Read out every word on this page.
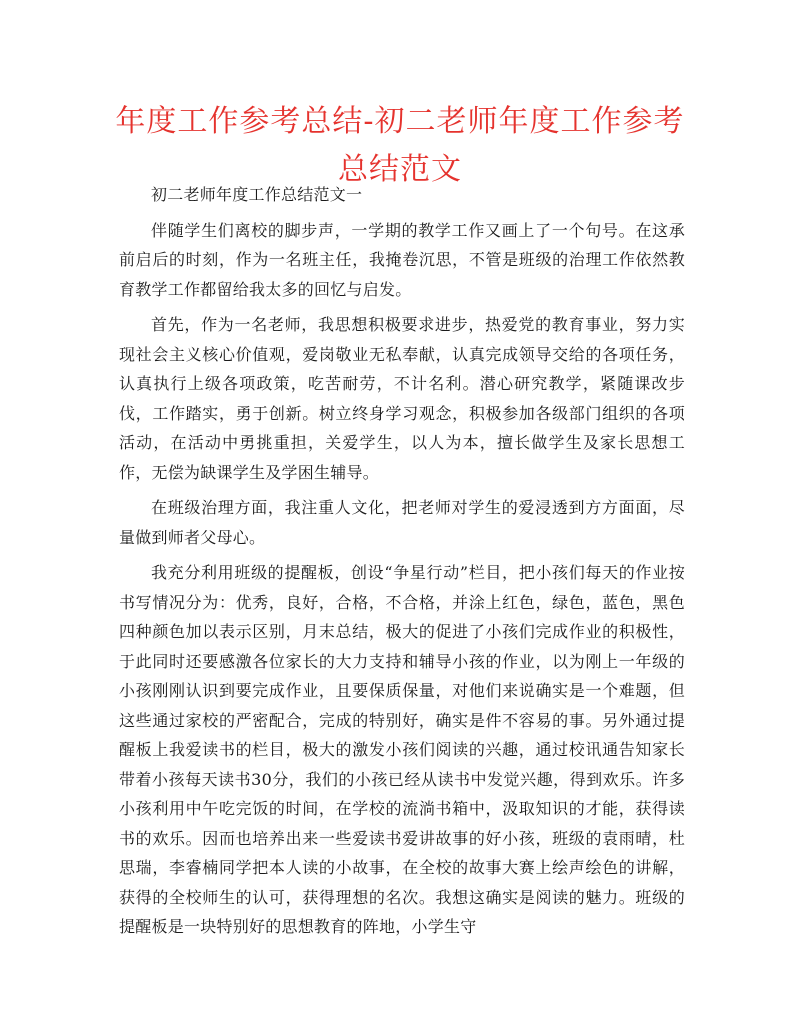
年度工作参考总结-初二老师年度工作参考总结范文

初二老师年度工作总结范文一

伴随学生们离校的脚步声，一学期的教学工作又画上了一个句号。在这承前启后的时刻，作为一名班主任，我掩卷沉思，不管是班级的治理工作依然教育教学工作都留给我太多的回忆与启发。

首先，作为一名老师，我思想积极要求进步，热爱党的教育事业，努力实现社会主义核心价值观，爱岗敬业无私奉献，认真完成领导交给的各项任务，认真执行上级各项政策，吃苦耐劳，不计名利。潜心研究教学，紧随课改步伐，工作踏实，勇于创新。树立终身学习观念，积极参加各级部门组织的各项活动，在活动中勇挑重担，关爱学生，以人为本，擅长做学生及家长思想工作，无偿为缺课学生及学困生辅导。

在班级治理方面，我注重人文化，把老师对学生的爱浸透到方方面面，尽量做到师者父母心。

我充分利用班级的提醒板，创设“争星行动”栏目，把小孩们每天的作业按书写情况分为：优秀，良好，合格，不合格，并涂上红色，绿色，蓝色，黑色四种颜色加以表示区别，月末总结，极大的促进了小孩们完成作业的积极性，于此同时还要感激各位家长的大力支持和辅导小孩的作业，以为刚上一年级的小孩刚刚认识到要完成作业，且要保质保量，对他们来说确实是一个难题，但这些通过家校的严密配合，完成的特别好，确实是件不容易的事。另外通过提醒板上我爱读书的栏目，极大的激发小孩们阅读的兴趣，通过校讯通告知家长带着小孩每天读书30分，我们的小孩已经从读书中发觉兴趣，得到欢乐。许多小孩利用中午吃完饭的时间，在学校的流淌书箱中，汲取知识的才能，获得读书的欢乐。因而也培养出来一些爱读书爱讲故事的好小孩，班级的袁雨晴，杜思瑞，李睿楠同学把本人读的小故事，在全校的故事大赛上绘声绘色的讲解，获得的全校师生的认可，获得理想的名次。我想这确实是阅读的魅力。班级的提醒板是一块特别好的思想教育的阵地，小学生守
